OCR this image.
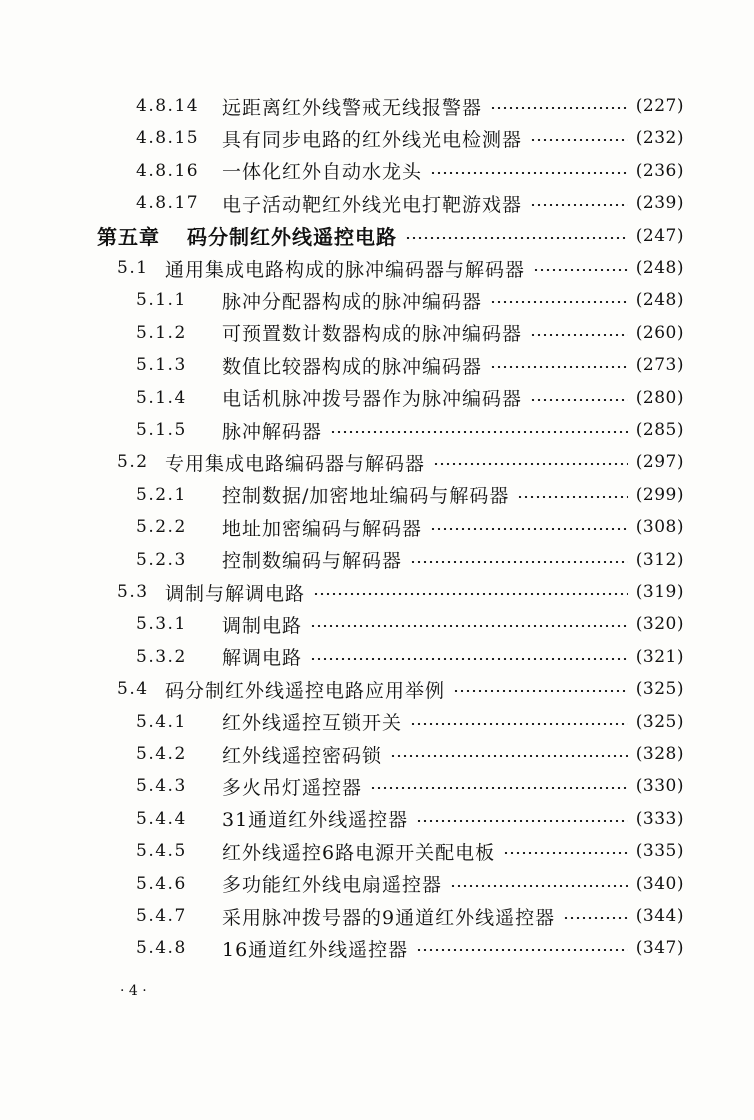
4.8.14	远距离红外线警戒无线报警器	(227)
4.8.15	具有同步电路的红外线光电检测器	(232)
4.8.16	一体化红外自动水龙头	(236)
4.8.17	电子活动靶红外线光电打靶游戏器	(239)
第五章	码分制红外线遥控电路	(247)
5.1 通用集成电路构成的脉冲编码器与解码器	(248)
5.1.1	脉冲分配器构成的脉冲编码器	(248)
5.1.2	可预置数计数器构成的脉冲编码器	(260)
5.1.3	数值比较器构成的脉冲编码器	(273)
5.1.4	电话机脉冲拨号器作为脉冲编码器	(280)
5.1.5	脉冲解码器	(285)
5.2 专用集成电路编码器与解码器	(297)
5.2.1	控制数据/加密地址编码与解码器	(299)
5.2.2	地址加密编码与解码器	(308)
5.2.3	控制数编码与解码器	(312)
5.3 调制与解调电路	(319)
5.3.1	调制电路	(320)
5.3.2	解调电路	(321)
5.4 码分制红外线遥控电路应用举例	(325)
5.4.1	红外线遥控互锁开关	(325)
5.4.2	红外线遥控密码锁	(328)
5.4.3	多火吊灯遥控器	(330)
5.4.4	31通道红外线遥控器	(333)
5.4.5	红外线遥控6路电源开关配电板	(335)
5.4.6	多功能红外线电扇遥控器	(340)
5.4.7	采用脉冲拨号器的9通道红外线遥控器	(344)
5.4.8	16通道红外线遥控器	(347)
· 4 ·
